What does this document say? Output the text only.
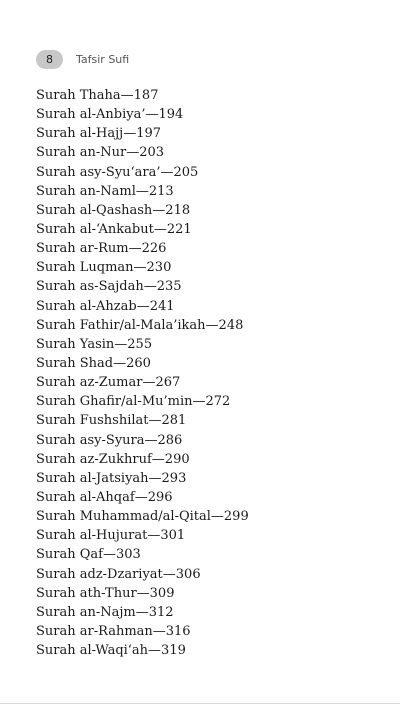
8	Tafsir Sufi
Surah Thaha—187
Surah al-Anbiya’—194
Surah al-Hajj—197
Surah an-Nur—203
Surah asy-Syu‘ara’—205
Surah an-Naml—213
Surah al-Qashash—218
Surah al-‘Ankabut—221
Surah ar-Rum—226
Surah Luqman—230
Surah as-Sajdah—235
Surah al-Ahzab—241
Surah Fathir/al-Mala’ikah—248
Surah Yasin—255
Surah Shad—260
Surah az-Zumar—267
Surah Ghafir/al-Mu’min—272
Surah Fushshilat—281
Surah asy-Syura—286
Surah az-Zukhruf—290
Surah al-Jatsiyah—293
Surah al-Ahqaf—296
Surah Muhammad/al-Qital—299
Surah al-Hujurat—301
Surah Qaf—303
Surah adz-Dzariyat—306
Surah ath-Thur—309
Surah an-Najm—312
Surah ar-Rahman—316
Surah al-Waqi‘ah—319
